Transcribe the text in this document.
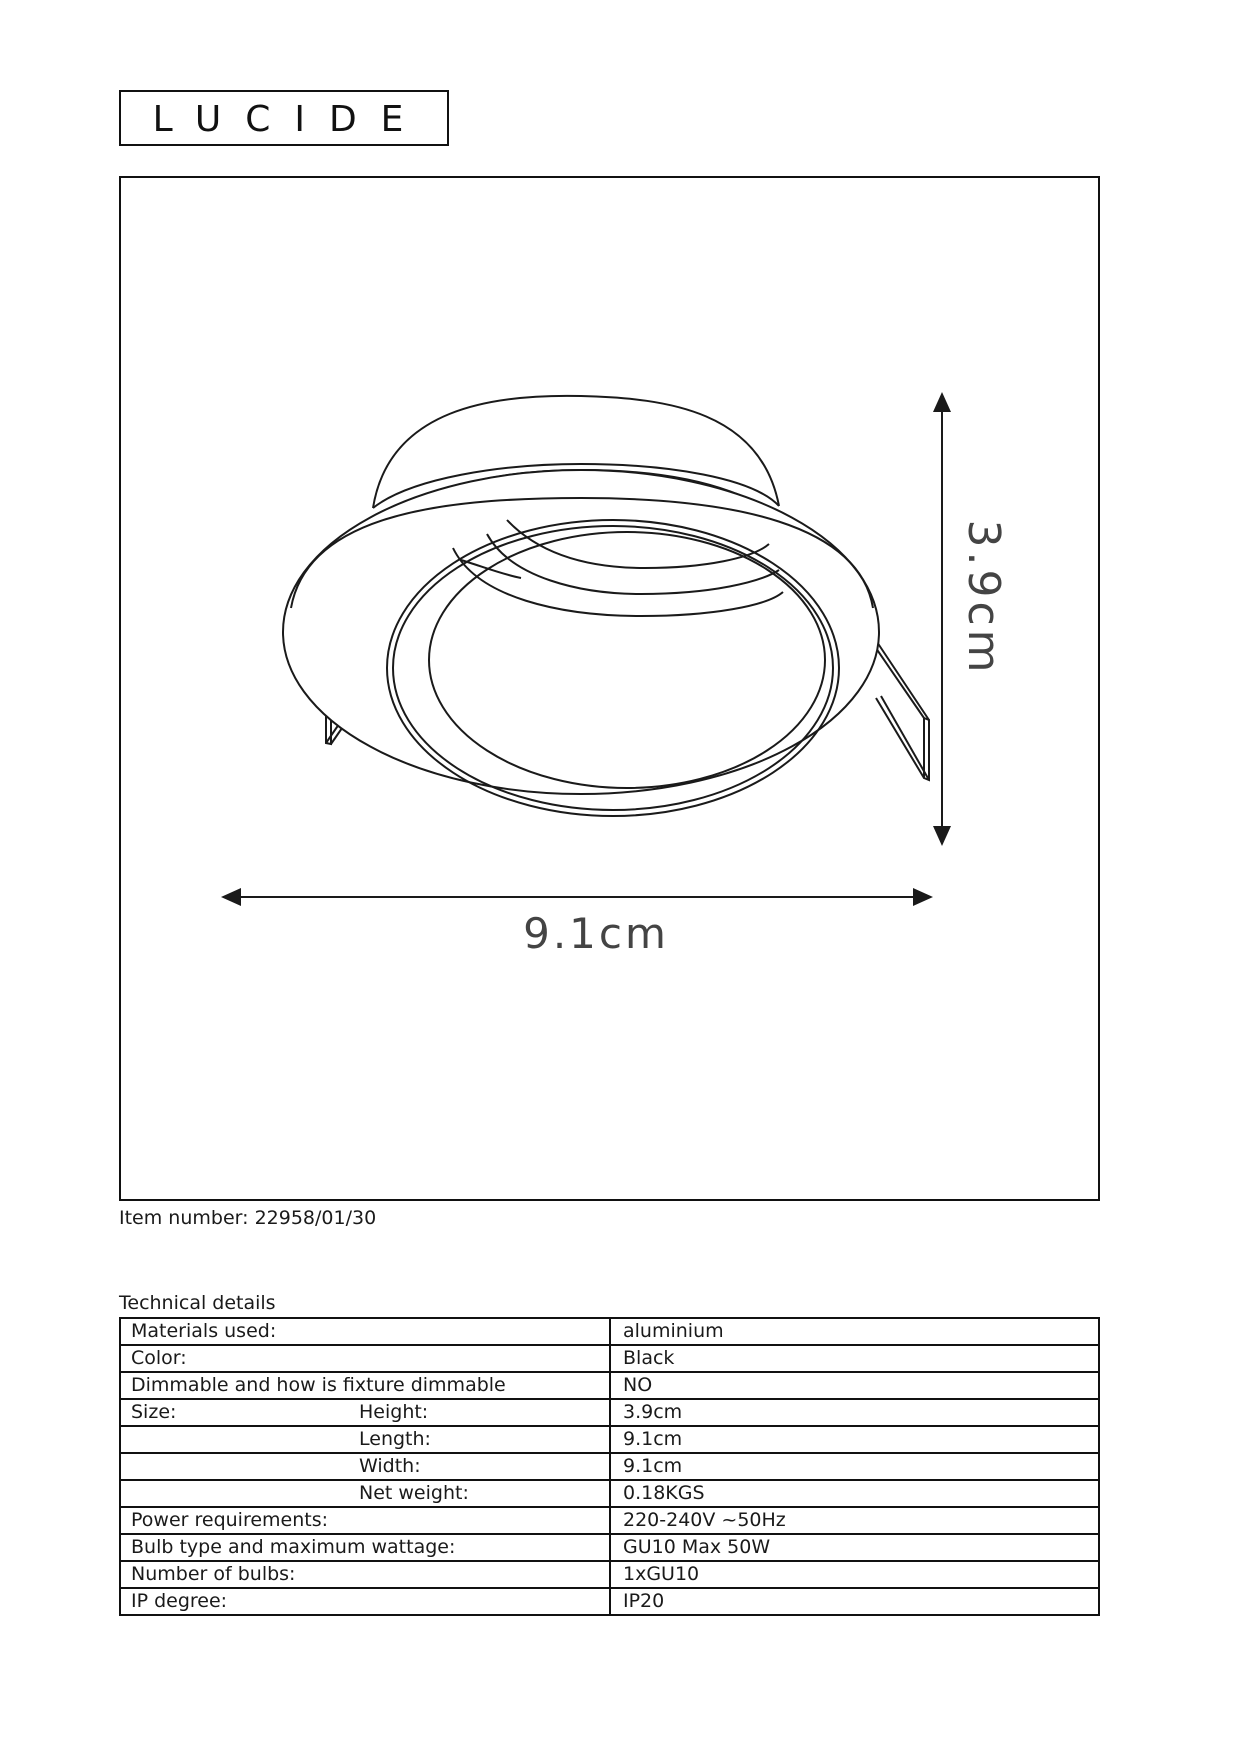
LUCIDE
3.9cm
9.1cm
Item number: 22958/01/30
Technical details
Materials used:	aluminium
Color:	Black
Dimmable and how is fixture dimmable	NO
Size: Height:	3.9cm
Length:	9.1cm
Width:	9.1cm
Net weight:	0.18KGS
Power requirements:	220-240V ~50Hz
Bulb type and maximum wattage:	GU10 Max 50W
Number of bulbs:	1xGU10
IP degree:	IP20
